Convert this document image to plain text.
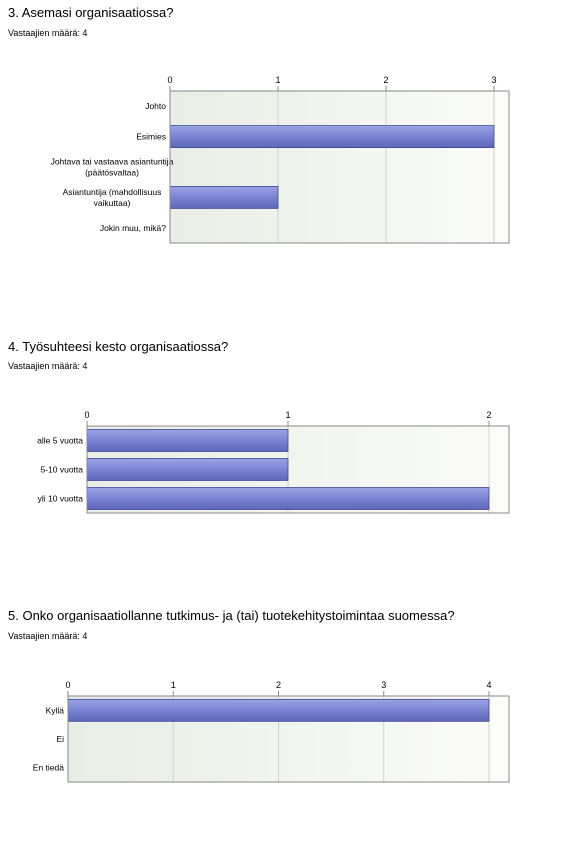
3. Asemasi organisaatiossa?
Vastaajien määrä: 4
0	1	2	3
Johto
Esimies
Johtava tai vastaava asiantuntija
(päätösvaltaa)
Asiantuntija (mahdollisuus
vaikuttaa)
Jokin muu, mikä?
4. Työsuhteesi kesto organisaatiossa?
Vastaajien määrä: 4
0	1	2
alle 5 vuotta
5-10 vuotta
yli 10 vuotta
5. Onko organisaatiollanne tutkimus- ja (tai) tuotekehitystoimintaa suomessa?
Vastaajien määrä: 4
0	1	2	3	4
Kyllä
Ei
En tiedä
